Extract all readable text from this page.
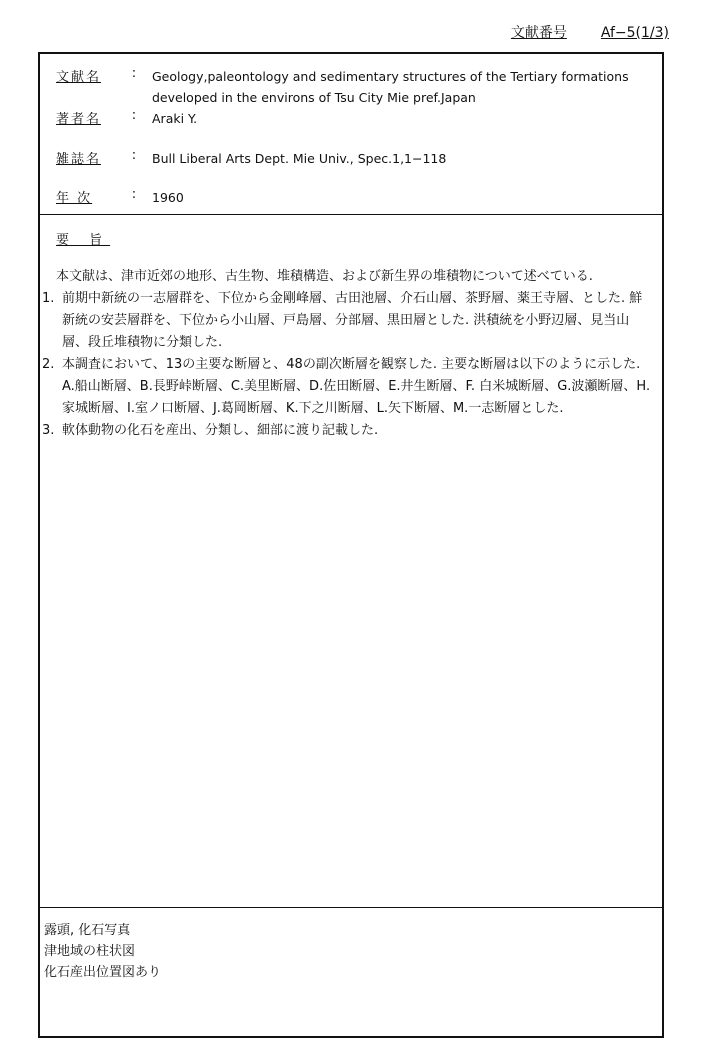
文献番号 Af−5(1/3)
文献名	:	Geology,paleontology and sedimentary structures of the Tertiary formations developed in the environs of Tsu City Mie pref.Japan
著者名	:	Araki Y.
雑誌名	:	Bull Liberal Arts Dept. Mie Univ., Spec.1,1−118
年 次	:	1960
要 旨

本文献は、津市近郊の地形、古生物、堆積構造、および新生界の堆積物について述べている.

1. 前期中新統の一志層群を、下位から金剛峰層、古田池層、介石山層、茶野層、薬王寺層、とした. 鮮新統の安芸層群を、下位から小山層、戸島層、分部層、黒田層とした. 洪積統を小野辺層、見当山層、段丘堆積物に分類した.
2. 本調査において、13の主要な断層と、48の副次断層を観察した. 主要な断層は以下のように示した. A.船山断層、B.長野峠断層、C.美里断層、D.佐田断層、E.井生断層、F. 白米城断層、G.波瀬断層、H.家城断層、I.室ノ口断層、J.葛岡断層、K.下之川断層、L.矢下断層、M.一志断層とした.
3. 軟体動物の化石を産出、分類し、細部に渡り記載した.
露頭, 化石写真
津地域の柱状図
化石産出位置図あり
